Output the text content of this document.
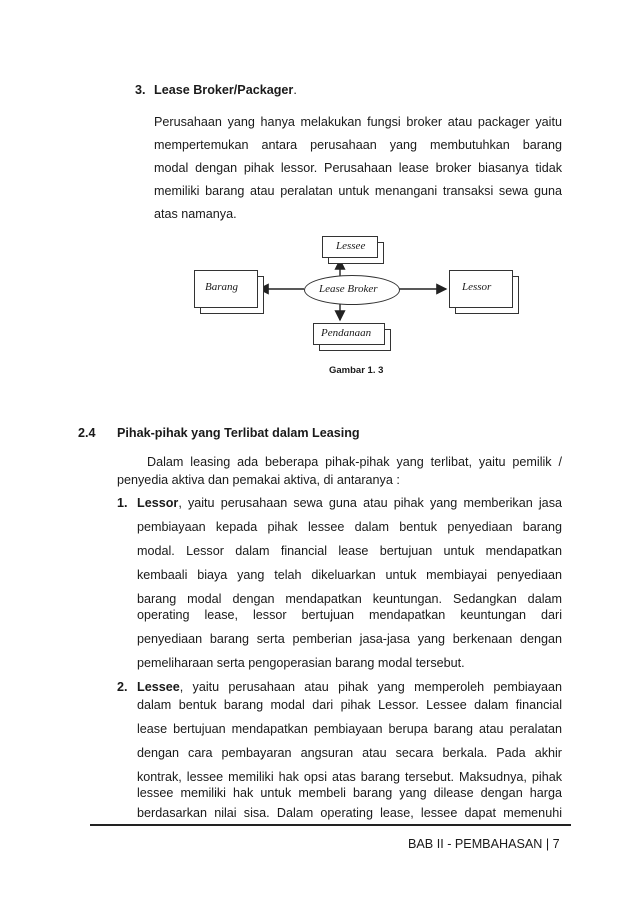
3. Lease Broker/Packager.
Perusahaan yang hanya melakukan fungsi broker atau packager yaitu
mempertemukan antara perusahaan yang membutuhkan barang
modal dengan pihak lessor. Perusahaan lease broker biasanya tidak
memiliki barang atau peralatan untuk menangani transaksi sewa guna
atas namanya.
Lessee
Barang	Lease Broker	Lessor
Pendanaan
Gambar 1. 3
2.4 Pihak-pihak yang Terlibat dalam Leasing
Dalam leasing ada beberapa pihak-pihak yang terlibat, yaitu pemilik /
penyedia aktiva dan pemakai aktiva, di antaranya :
1. Lessor, yaitu perusahaan sewa guna atau pihak yang memberikan jasa
pembiayaan kepada pihak lessee dalam bentuk penyediaan barang
modal. Lessor dalam financial lease bertujuan untuk mendapatkan
kembaali biaya yang telah dikeluarkan untuk membiayai penyediaan
barang modal dengan mendapatkan keuntungan. Sedangkan dalam
operating lease, lessor bertujuan mendapatkan keuntungan dari
penyediaan barang serta pemberian jasa-jasa yang berkenaan dengan
pemeliharaan serta pengoperasian barang modal tersebut.
2. Lessee, yaitu perusahaan atau pihak yang memperoleh pembiayaan
dalam bentuk barang modal dari pihak Lessor. Lessee dalam financial
lease bertujuan mendapatkan pembiayaan berupa barang atau peralatan
dengan cara pembayaran angsuran atau secara berkala. Pada akhir
kontrak, lessee memiliki hak opsi atas barang tersebut. Maksudnya, pihak
lessee memiliki hak untuk membeli barang yang dilease dengan harga
berdasarkan nilai sisa. Dalam operating lease, lessee dapat memenuhi
BAB II - PEMBAHASAN | 7
